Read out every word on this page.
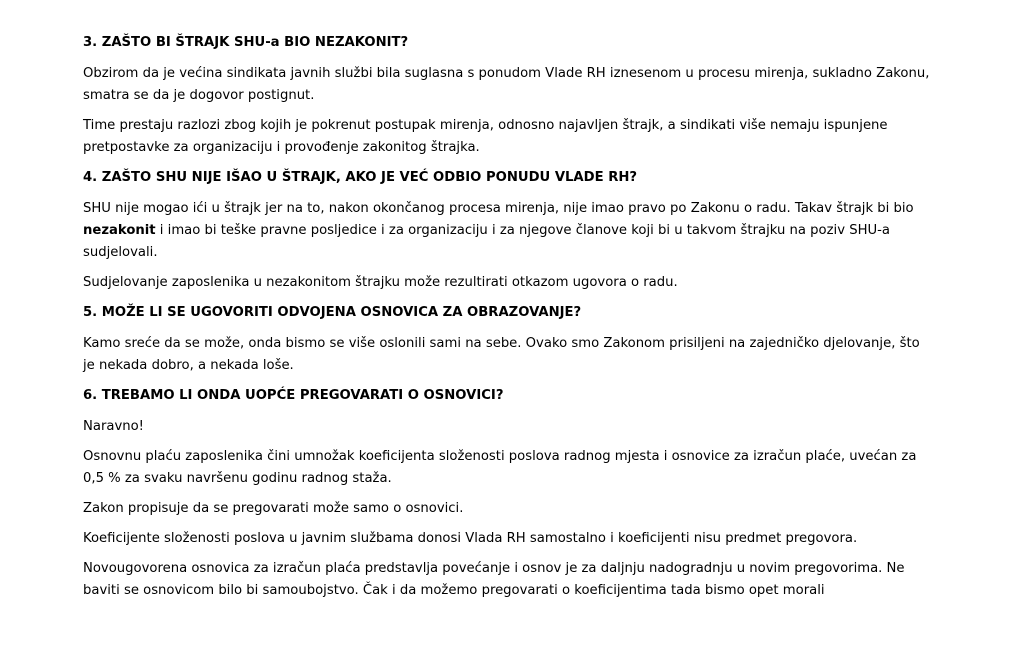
3. ZAŠTO BI ŠTRAJK SHU-a BIO NEZAKONIT?
Obzirom da je većina sindikata javnih službi bila suglasna s ponudom Vlade RH iznesenom u procesu mirenja, sukladno Zakonu, smatra se da je dogovor postignut.
Time prestaju razlozi zbog kojih je pokrenut postupak mirenja, odnosno najavljen štrajk, a sindikati više nemaju ispunjene pretpostavke za organizaciju i provođenje zakonitog štrajka.
4. ZAŠTO SHU NIJE IŠAO U ŠTRAJK, AKO JE VEĆ ODBIO PONUDU VLADE RH?
SHU nije mogao ići u štrajk jer na to, nakon okončanog procesa mirenja, nije imao pravo po Zakonu o radu. Takav štrajk bi bio nezakonit i imao bi teške pravne posljedice i za organizaciju i za njegove članove koji bi u takvom štrajku na poziv SHU-a sudjelovali.
Sudjelovanje zaposlenika u nezakonitom štrajku može rezultirati otkazom ugovora o radu.
5. MOŽE LI SE UGOVORITI ODVOJENA OSNOVICA ZA OBRAZOVANJE?
Kamo sreće da se može, onda bismo se više oslonili sami na sebe. Ovako smo Zakonom prisiljeni na zajedničko djelovanje, što je nekada dobro, a nekada loše.
6. TREBAMO LI ONDA UOPĆE PREGOVARATI O OSNOVICI?
Naravno!
Osnovnu plaću zaposlenika čini umnožak koeficijenta složenosti poslova radnog mjesta i osnovice za izračun plaće, uvećan za 0,5 % za svaku navršenu godinu radnog staža.
Zakon propisuje da se pregovarati može samo o osnovici.
Koeficijente složenosti poslova u javnim službama donosi Vlada RH samostalno i koeficijenti nisu predmet pregovora.
Novougovorena osnovica za izračun plaća predstavlja povećanje i osnov je za daljnju nadogradnju u novim pregovorima. Ne baviti se osnovicom bilo bi samoubojstvo. Čak i da možemo pregovarati o koeficijentima tada bismo opet morali
